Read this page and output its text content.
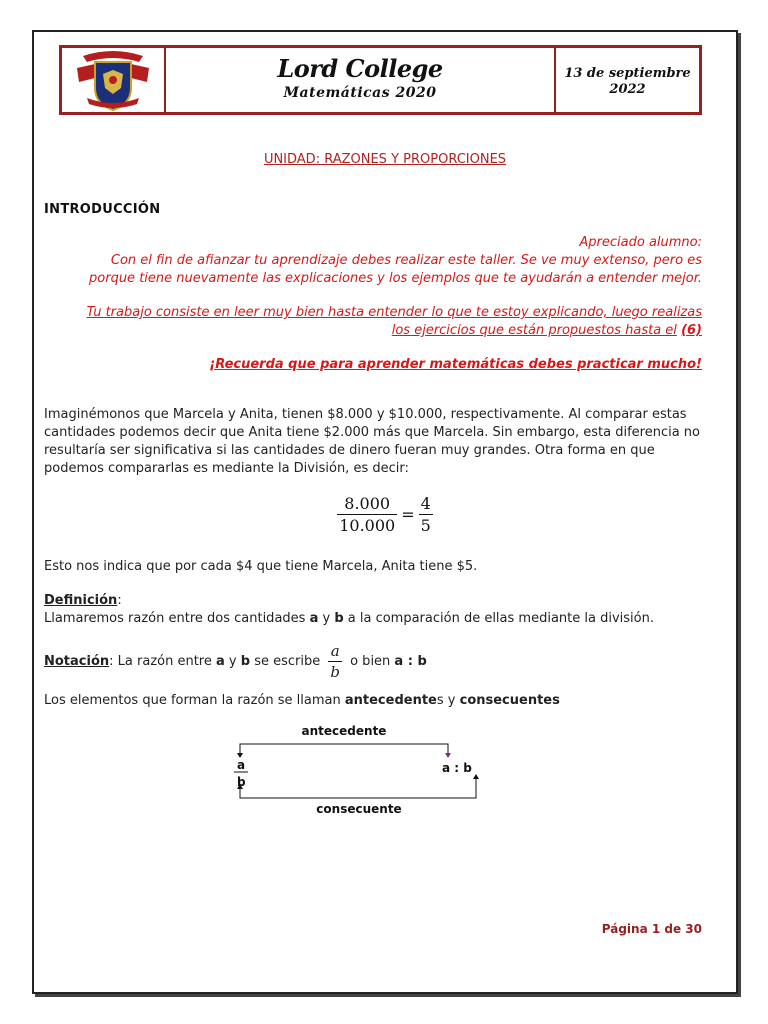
Lord College
Matemáticas 2020
13 de septiembre
2022
UNIDAD: RAZONES Y PROPORCIONES
INTRODUCCIÓN
Apreciado alumno:
Con el fin de afianzar tu aprendizaje debes realizar este taller. Se ve muy extenso, pero es
porque tiene nuevamente las explicaciones y los ejemplos que te ayudarán a entender mejor.
Tu trabajo consiste en leer muy bien hasta entender lo que te estoy explicando, luego realizas
los ejercicios que están propuestos hasta el (6)
¡Recuerda que para aprender matemáticas debes practicar mucho!
Imaginémonos que Marcela y Anita, tienen $8.000 y $10.000, respectivamente. Al comparar estas cantidades podemos decir que Anita tiene $2.000 más que Marcela. Sin embargo, esta diferencia no resultaría ser significativa si las cantidades de dinero fueran muy grandes. Otra forma en que podemos compararlas es mediante la División, es decir:
$\frac{8.000}{10.000} = \frac{4}{5}$
Esto nos indica que por cada $4 que tiene Marcela, Anita tiene $5.
Definición:
Llamaremos razón entre dos cantidades a y b a la comparación de ellas mediante la división.
Notación : La razón entre a y b se escribe $\frac{a}{b}$ o bien a : b
Los elementos que forman la razón se llaman antecedentes y consecuentes
antecedente
a
b
a : b
consecuente
Página 1 de 30
